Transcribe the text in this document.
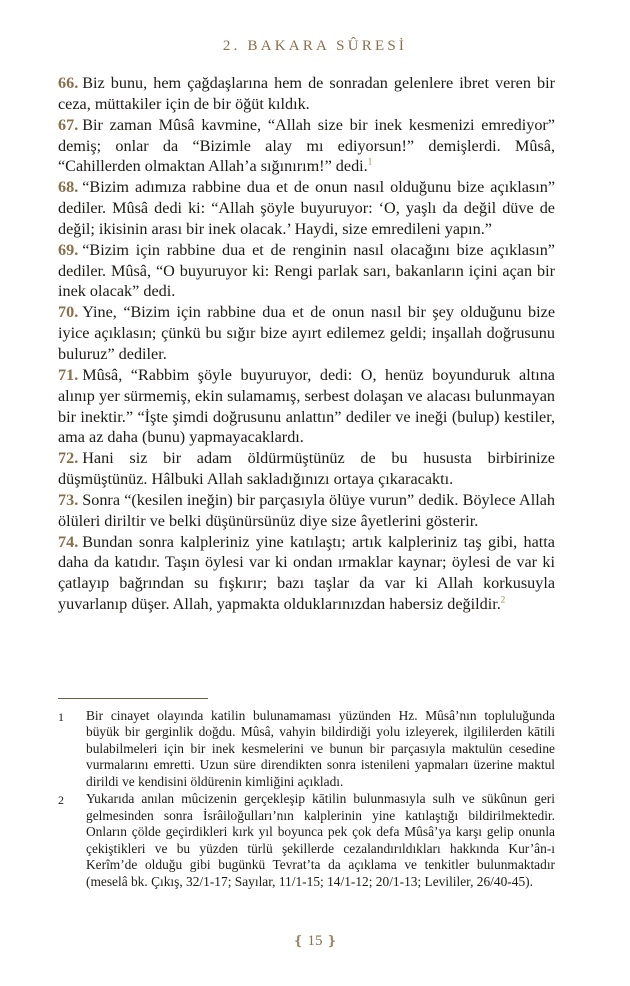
2. BAKARA SÛRESİ

66. Biz bunu, hem çağdaşlarına hem de sonradan gelenlere ibret veren bir ceza, müttakiler için de bir öğüt kıldık.

67. Bir zaman Mûsâ kavmine, “Allah size bir inek kesmenizi emrediyor” demiş; onlar da “Bizimle alay mı ediyorsun!” demişlerdi. Mûsâ, “Cahillerden olmaktan Allah’a sığınırım!” dedi.$^1$

68. “Bizim adımıza rabbine dua et de onun nasıl olduğunu bize açıklasın” dediler. Mûsâ dedi ki: “Allah şöyle buyuruyor: ‘O, yaşlı da değil düve de değil; ikisinin arası bir inek olacak.’ Haydi, size emredileni yapın.”

69. “Bizim için rabbine dua et de renginin nasıl olacağını bize açıklasın” dediler. Mûsâ, “O buyuruyor ki: Rengi parlak sarı, bakanların içini açan bir inek olacak” dedi.

70. Yine, “Bizim için rabbine dua et de onun nasıl bir şey olduğunu bize iyice açıklasın; çünkü bu sığır bize ayırt edilemez geldi; inşallah doğrusunu buluruz” dediler.

71. Mûsâ, “Rabbim şöyle buyuruyor, dedi: O, henüz boyunduruk altına alınıp yer sürmemiş, ekin sulamamış, serbest dolaşan ve alacası bulunmayan bir inektir.” “İşte şimdi doğrusunu anlattın” dediler ve ineği (bulup) kestiler, ama az daha (bunu) yapmayacaklardı.

72. Hani siz bir adam öldürmüştünüz de bu hususta birbirinize düşmüştünüz. Hâlbuki Allah sakladığınızı ortaya çıkaracaktı.

73. Sonra “(kesilen ineğin) bir parçasıyla ölüye vurun” dedik. Böylece Allah ölüleri diriltir ve belki düşünürsünüz diye size âyetlerini gösterir.

74. Bundan sonra kalpleriniz yine katılaştı; artık kalpleriniz taş gibi, hatta daha da katıdır. Taşın öylesi var ki ondan ırmaklar kaynar; öylesi de var ki çatlayıp bağrından su fışkırır; bazı taşlar da var ki Allah korkusuyla yuvarlanıp düşer. Allah, yapmakta olduklarınızdan habersiz değildir.$^2$

1	Bir cinayet olayında katilin bulunamaması yüzünden Hz. Mûsâ’nın topluluğunda büyük bir gerginlik doğdu. Mûsâ, vahyin bildirdiği yolu izleyerek, ilgililerden kātili bulabilmeleri için bir inek kesmelerini ve bunun bir parçasıyla maktulün cesedine vurmalarını emretti. Uzun süre direndikten sonra istenileni yapmaları üzerine maktul dirildi ve kendisini öldürenin kimliğini açıkladı.
2	Yukarıda anılan mûcizenin gerçekleşip kātilin bulunmasıyla sulh ve sükûnun geri gelmesinden sonra İsrâiloğulları’nın kalplerinin yine katılaştığı bildirilmektedir. Onların çölde geçirdikleri kırk yıl boyunca pek çok defa Mûsâ’ya karşı gelip onunla çekiştikleri ve bu yüzden türlü şekillerde cezalandırıldıkları hakkında Kur’ân-ı Kerîm’de olduğu gibi bugünkü Tevrat’ta da açıklama ve tenkitler bulunmaktadır (meselâ bk. Çıkış, 32/1-17; Sayılar, 11/1-15; 14/1-12; 20/1-13; Levililer, 26/40-45).
❴ 15 ❵
